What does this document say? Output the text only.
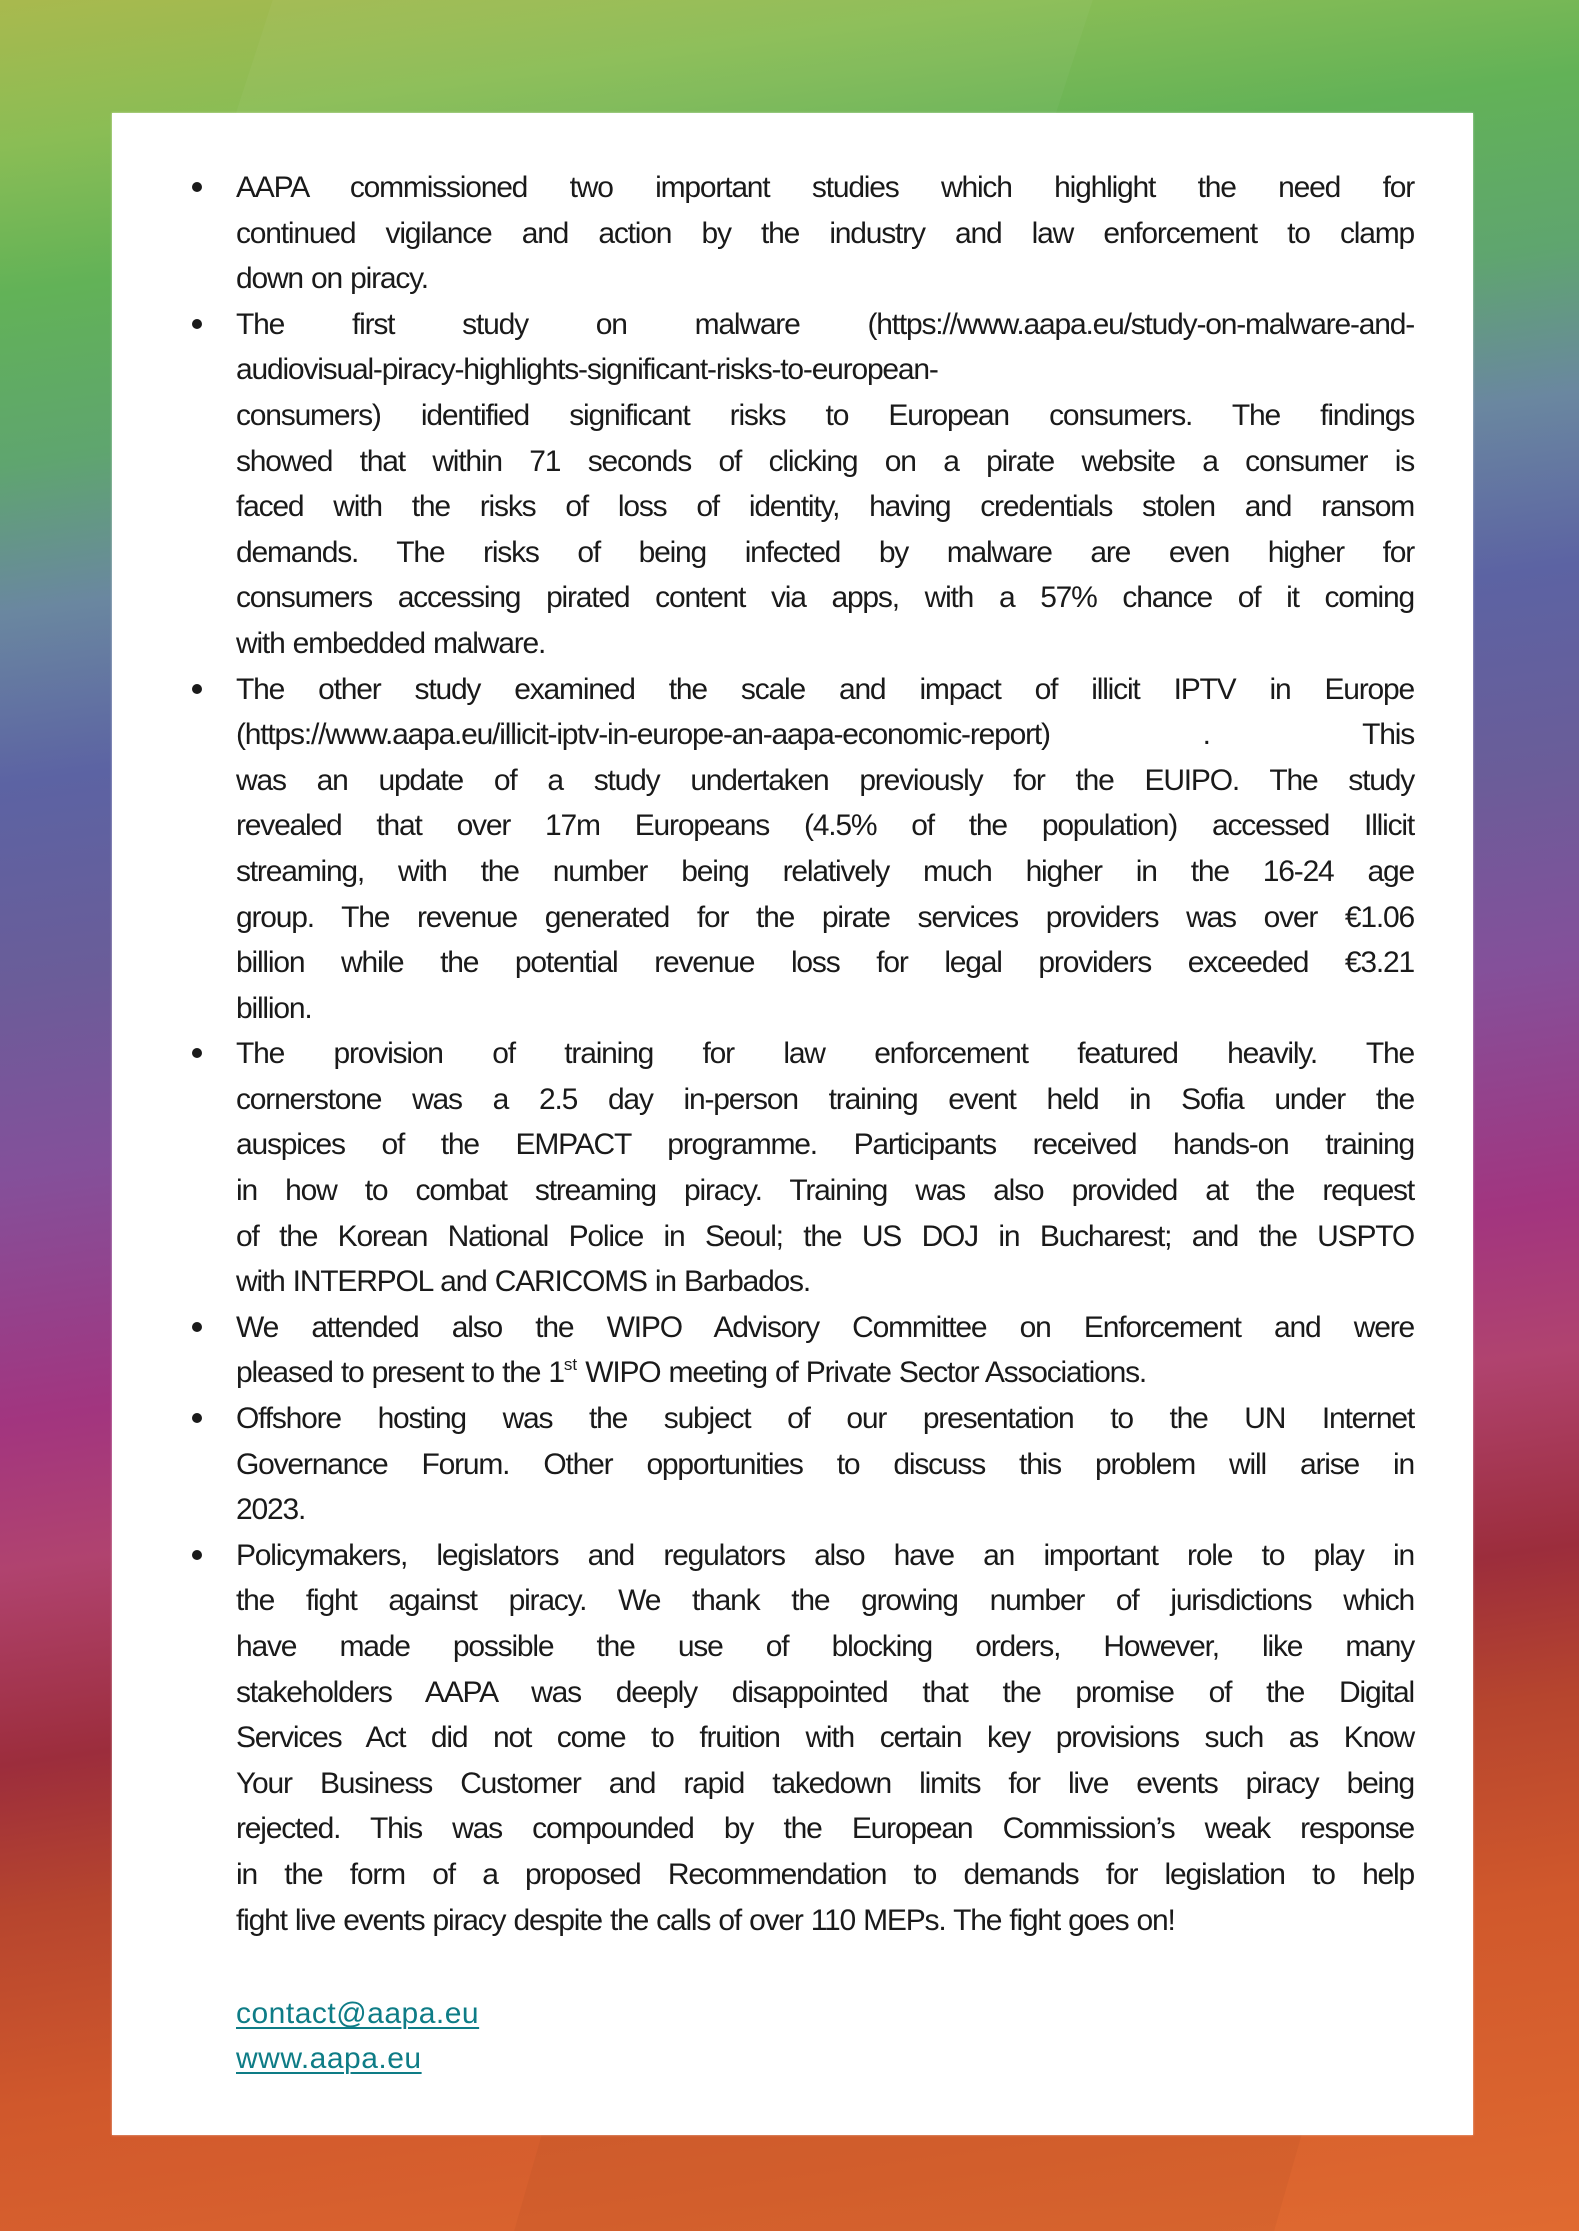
AAPA commissioned two important studies which highlight the need for
continued vigilance and action by the industry and law enforcement to clamp
down on piracy.
The first study on malware (https://www.aapa.eu/study-on-malware-and-
audiovisual-piracy-highlights-significant-risks-to-european-
consumers) identified significant risks to European consumers. The findings
showed that within 71 seconds of clicking on a pirate website a consumer is
faced with the risks of loss of identity, having credentials stolen and ransom
demands. The risks of being infected by malware are even higher for
consumers accessing pirated content via apps, with a 57% chance of it coming
with embedded malware.
The other study examined the scale and impact of illicit IPTV in Europe
(https://www.aapa.eu/illicit-iptv-in-europe-an-aapa-economic-report) . This
was an update of a study undertaken previously for the EUIPO. The study
revealed that over 17m Europeans (4.5% of the population) accessed Illicit
streaming, with the number being relatively much higher in the 16-24 age
group. The revenue generated for the pirate services providers was over €1.06
billion while the potential revenue loss for legal providers exceeded €3.21
billion.
The provision of training for law enforcement featured heavily. The
cornerstone was a 2.5 day in-person training event held in Sofia under the
auspices of the EMPACT programme. Participants received hands-on training
in how to combat streaming piracy. Training was also provided at the request
of the Korean National Police in Seoul; the US DOJ in Bucharest; and the USPTO
with INTERPOL and CARICOMS in Barbados.
We attended also the WIPO Advisory Committee on Enforcement and were
pleased to present to the 1st WIPO meeting of Private Sector Associations.
Offshore hosting was the subject of our presentation to the UN Internet
Governance Forum. Other opportunities to discuss this problem will arise in
2023.
Policymakers, legislators and regulators also have an important role to play in
the fight against piracy. We thank the growing number of jurisdictions which
have made possible the use of blocking orders, However, like many
stakeholders AAPA was deeply disappointed that the promise of the Digital
Services Act did not come to fruition with certain key provisions such as Know
Your Business Customer and rapid takedown limits for live events piracy being
rejected. This was compounded by the European Commission’s weak response
in the form of a proposed Recommendation to demands for legislation to help
fight live events piracy despite the calls of over 110 MEPs. The fight goes on!
contact@aapa.eu
www.aapa.eu
